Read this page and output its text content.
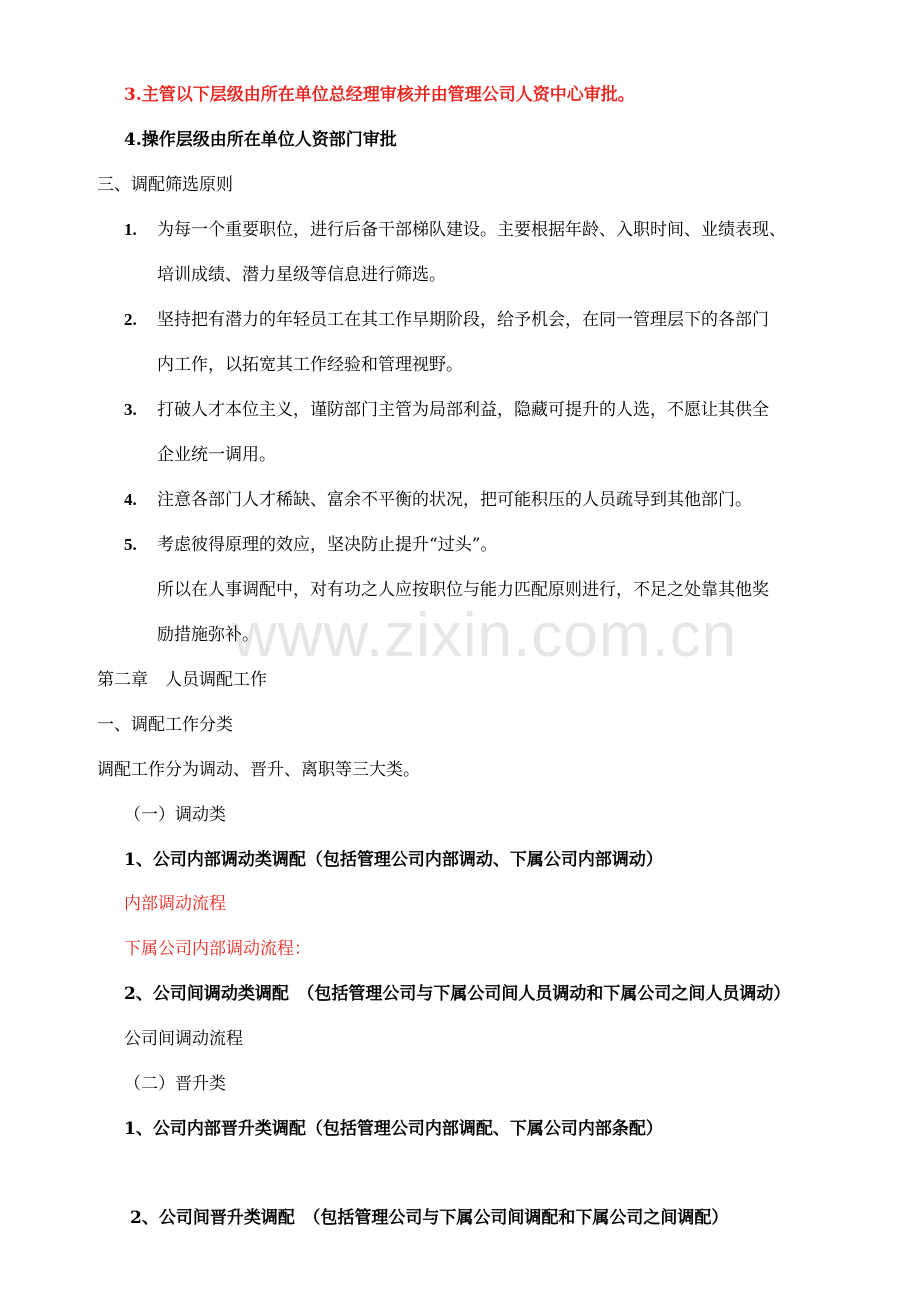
www.zixin.com.cn
3.主管以下层级由所在单位总经理审核并由管理公司人资中心审批。
4.操作层级由所在单位人资部门审批
三、调配筛选原则
1. 为每一个重要职位，进行后备干部梯队建设。主要根据年龄、入职时间、业绩表现、
培训成绩、潜力星级等信息进行筛选。
2. 坚持把有潜力的年轻员工在其工作早期阶段，给予机会，在同一管理层下的各部门
内工作，以拓宽其工作经验和管理视野。
3. 打破人才本位主义，谨防部门主管为局部利益，隐藏可提升的人选，不愿让其供全
企业统一调用。
4. 注意各部门人才稀缺、富余不平衡的状况，把可能积压的人员疏导到其他部门。
5. 考虑彼得原理的效应，坚决防止提升“过头”。
所以在人事调配中，对有功之人应按职位与能力匹配原则进行，不足之处靠其他奖
励措施弥补。
第二章　人员调配工作
一、调配工作分类
调配工作分为调动、晋升、离职等三大类。
（一）调动类
1、公司内部调动类调配（包括管理公司内部调动、下属公司内部调动）
内部调动流程
下属公司内部调动流程：
2、公司间调动类调配　（包括管理公司与下属公司间人员调动和下属公司之间人员调动）
公司间调动流程
（二）晋升类
1、公司内部晋升类调配（包括管理公司内部调配、下属公司内部条配）
2、公司间晋升类调配　（包括管理公司与下属公司间调配和下属公司之间调配）
